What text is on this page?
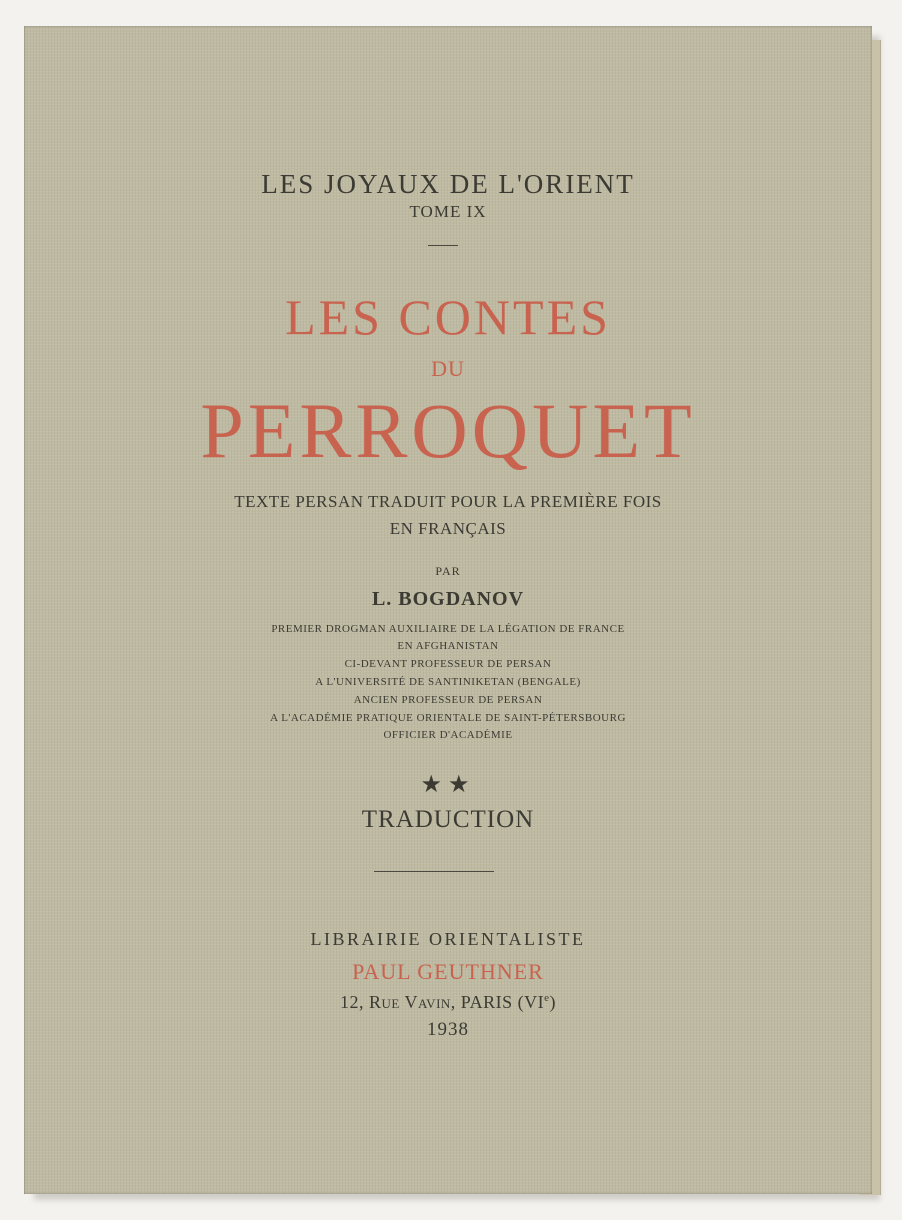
LES JOYAUX DE L'ORIENT
TOME IX
LES CONTES
DU
PERROQUET
TEXTE PERSAN TRADUIT POUR LA PREMIÈRE FOIS
EN FRANÇAIS
PAR
L. BOGDANOV
PREMIER DROGMAN AUXILIAIRE DE LA LÉGATION DE FRANCE
EN AFGHANISTAN
CI-DEVANT PROFESSEUR DE PERSAN
A L'UNIVERSITÉ DE SANTINIKETAN (BENGALE)
ANCIEN PROFESSEUR DE PERSAN
A L'ACADÉMIE PRATIQUE ORIENTALE DE SAINT-PÉTERSBOURG
OFFICIER D'ACADÉMIE
★★
TRADUCTION
LIBRAIRIE ORIENTALISTE
PAUL GEUTHNER
12, Rue Vavin, PARIS (VIe)
1938
